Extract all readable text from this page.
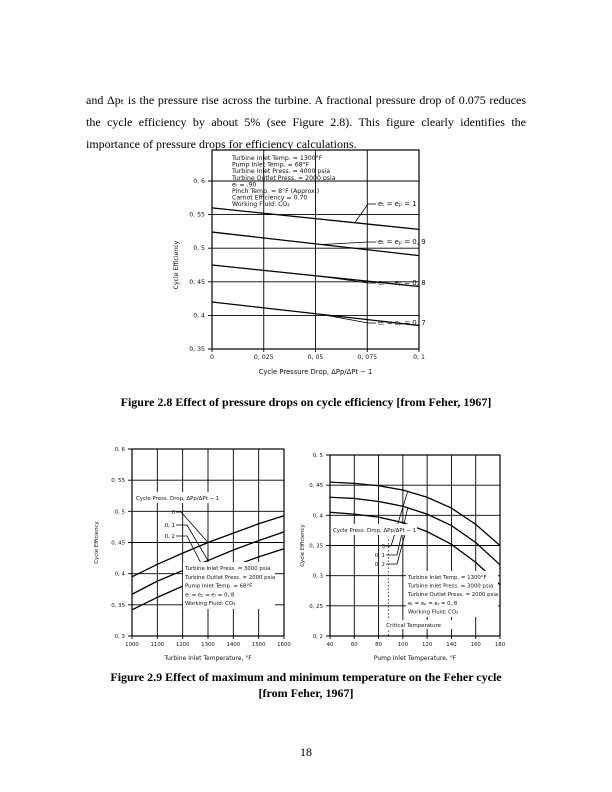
and Δpₜ is the pressure rise across the turbine. A fractional pressure drop of 0.075 reduces
the cycle efficiency by about 5% (see Figure 2.8). This figure clearly identifies the
importance of pressure drops for efficiency calculations.
0	0, 025	0, 05	0, 075	0, 1
0, 35
0, 4
0, 45
0, 5
0, 55
0, 6
Cycle Efficiency
Cycle Pressure Drop, ΔPp/ΔPt − 1
eₜ = eₚ = 1
eₜ = eₚ = 0, 9
eₜ = eₚ = 0, 8
eₜ = eₚ = 0, 7
Turbine Inlet Temp. = 1300°F
Pump Inlet Temp. = 68°F
Turbine Inlet Press. = 4000 psia
Turbine Outlet Press. = 2000 psia
eᵣ = .90
Pinch Temp. = 8°F (Approx.)
Carnot Efficiency = 0.70
Working Fluid: CO₂
1000 1100 1200 1300 1400 1500 1600
0, 3
0, 35
0, 4
0, 45
0, 5
0, 55
0, 6
Cycle Efficiency
Turbine Inlet Temperature, °F
0
0, 1
0, 2
Cycle Press. Drop, ΔPp/ΔPt − 1
Turbine Inlet Press. = 3000 psia
Turbine Outlet Press. = 2000 psia
Pump Inlet Temp. = 68°F
eₜ = eₚ = eᵣ = 0, 8
Working Fluid: CO₂
40	60	80	100	120	140	160	180
0, 2
0, 25
0, 3
0, 35
0, 4
0, 45
0, 5
Cycle Efficiency
Pump Inlet Temperature, °F
0
0, 1
0, 2
Cycle Press. Drop, ΔPp/ΔPt − 1
Turbine Inlet Temp. = 1300°F
Turbine Inlet Press. = 3000 psia
Turbine Outlet Press. = 2000 psia
eₜ = eₚ = eᵣ = 0, 8
Working Fluid: CO₂
Critical Temperature
Figure 2.8 Effect of pressure drops on cycle efficiency [from Feher, 1967]
Figure 2.9 Effect of maximum and minimum temperature on the Feher cycle
[from Feher, 1967]
18
